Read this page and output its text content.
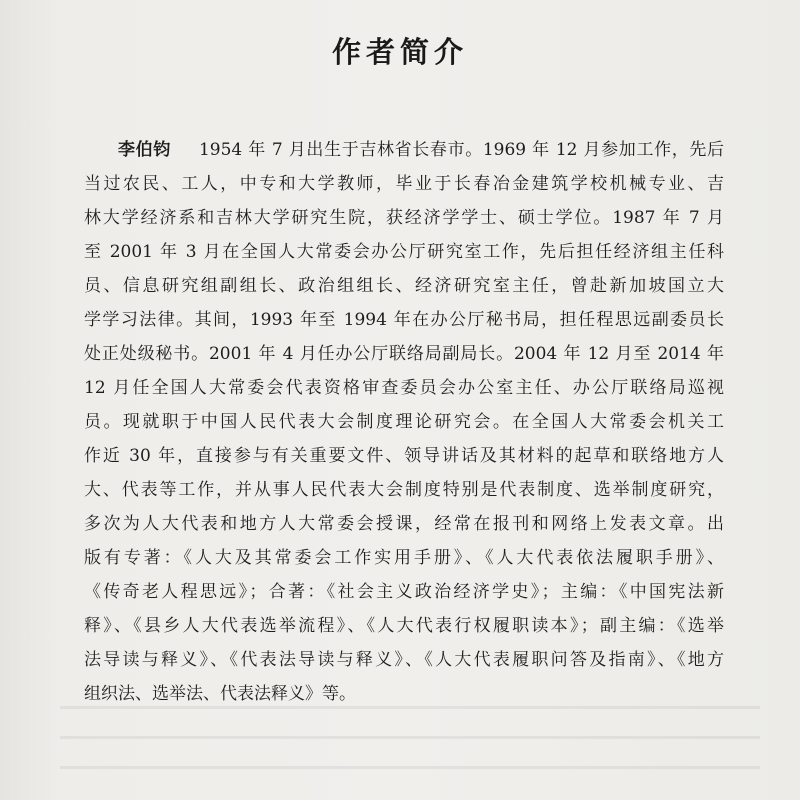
作者简介
李伯钧 1954 年 7 月出生于吉林省长春市。1969 年 12 月参加工作，先后
当过农民、工人，中专和大学教师，毕业于长春冶金建筑学校机械专业、吉
林大学经济系和吉林大学研究生院，获经济学学士、硕士学位。1987 年 7 月
至 2001 年 3 月在全国人大常委会办公厅研究室工作，先后担任经济组主任科
员、信息研究组副组长、政治组组长、经济研究室主任，曾赴新加坡国立大
学学习法律。其间，1993 年至 1994 年在办公厅秘书局，担任程思远副委员长
处正处级秘书。2001 年 4 月任办公厅联络局副局长。2004 年 12 月至 2014 年
12 月任全国人大常委会代表资格审查委员会办公室主任、办公厅联络局巡视
员。现就职于中国人民代表大会制度理论研究会。在全国人大常委会机关工
作近 30 年，直接参与有关重要文件、领导讲话及其材料的起草和联络地方人
大、代表等工作，并从事人民代表大会制度特别是代表制度、选举制度研究，
多次为人大代表和地方人大常委会授课，经常在报刊和网络上发表文章。出
版有专著：《人大及其常委会工作实用手册》、《人大代表依法履职手册》、
《传奇老人程思远》；合著：《社会主义政治经济学史》；主编：《中国宪法新
释》、《县乡人大代表选举流程》、《人大代表行权履职读本》；副主编：《选举
法导读与释义》、《代表法导读与释义》、《人大代表履职问答及指南》、《地方
组织法、选举法、代表法释义》等。
